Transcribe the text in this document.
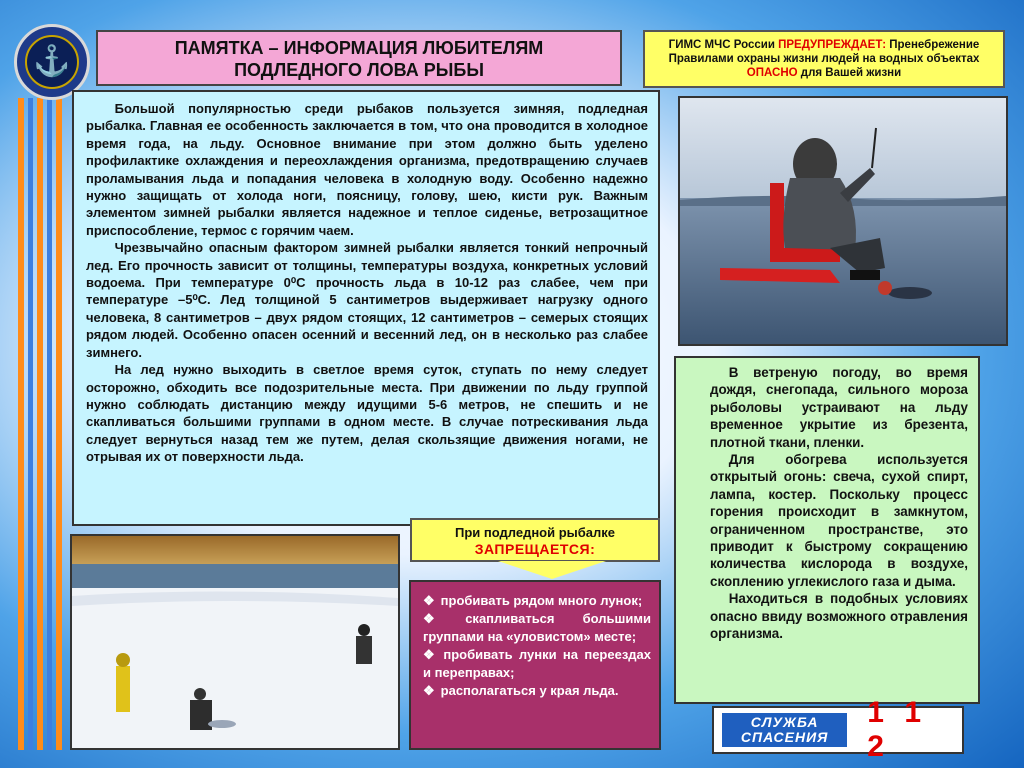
⚓	ПАМЯТКА – ИНФОРМАЦИЯ ЛЮБИТЕЛЯМ
ПОДЛЕДНОГО ЛОВА РЫБЫ
ГИМС МЧС России ПРЕДУПРЕЖДАЕТ: Пренебрежение Правилами охраны жизни людей на водных объектах ОПАСНО для Вашей жизни

Большой популярностью среди рыбаков пользуется зимняя, подледная рыбалка. Главная ее особенность заключается в том, что она проводится в холодное время года, на льду. Основное внимание при этом должно быть уделено профилактике охлаждения и переохлаждения организма, предотвращению случаев проламывания льда и попадания человека в холодную воду. Особенно надежно нужно защищать от холода ноги, поясницу, голову, шею, кисти рук. Важным элементом зимней рыбалки является надежное и теплое сиденье, ветрозащитное приспособление, термос с горячим чаем.

Чрезвычайно опасным фактором зимней рыбалки является тонкий непрочный лед. Его прочность зависит от толщины, температуры воздуха, конкретных условий водоема. При температуре 0⁰С прочность льда в 10-12 раз слабее, чем при температуре –5⁰С. Лед толщиной 5 сантиметров выдерживает нагрузку одного человека, 8 сантиметров – двух рядом стоящих, 12 сантиметров – семерых стоящих рядом людей. Особенно опасен осенний и весенний лед, он в несколько раз слабее зимнего.

На лед нужно выходить в светлое время суток, ступать по нему следует осторожно, обходить все подозрительные места. При движении по льду группой нужно соблюдать дистанцию между идущими 5-6 метров, не спешить и не скапливаться большими группами в одном месте. В случае потрескивания льда следует вернуться назад тем же путем, делая скользящие движения ногами, не отрывая их от поверхности льда.

При подледной рыбалке
ЗАПРЕЩАЕТСЯ:
❖ пробивать рядом много лунок;
❖ скапливаться большими группами на «уловистом» месте;
❖ пробивать лунки на переездах и переправах;
❖ располагаться у края льда.

В ветреную погоду, во время дождя, снегопада, сильного мороза рыболовы устраивают на льду временное укрытие из брезента, плотной ткани, пленки.

Для обогрева используется открытый огонь: свеча, сухой спирт, лампа, костер. Поскольку процесс горения происходит в замкнутом, ограниченном пространстве, это приводит к быстрому сокращению количества кислорода в воздухе, скоплению углекислого газа и дыма.

Находиться в подобных условиях опасно ввиду возможного отравления организма.

СЛУЖБА
СПАСЕНИЯ
1 1 2
